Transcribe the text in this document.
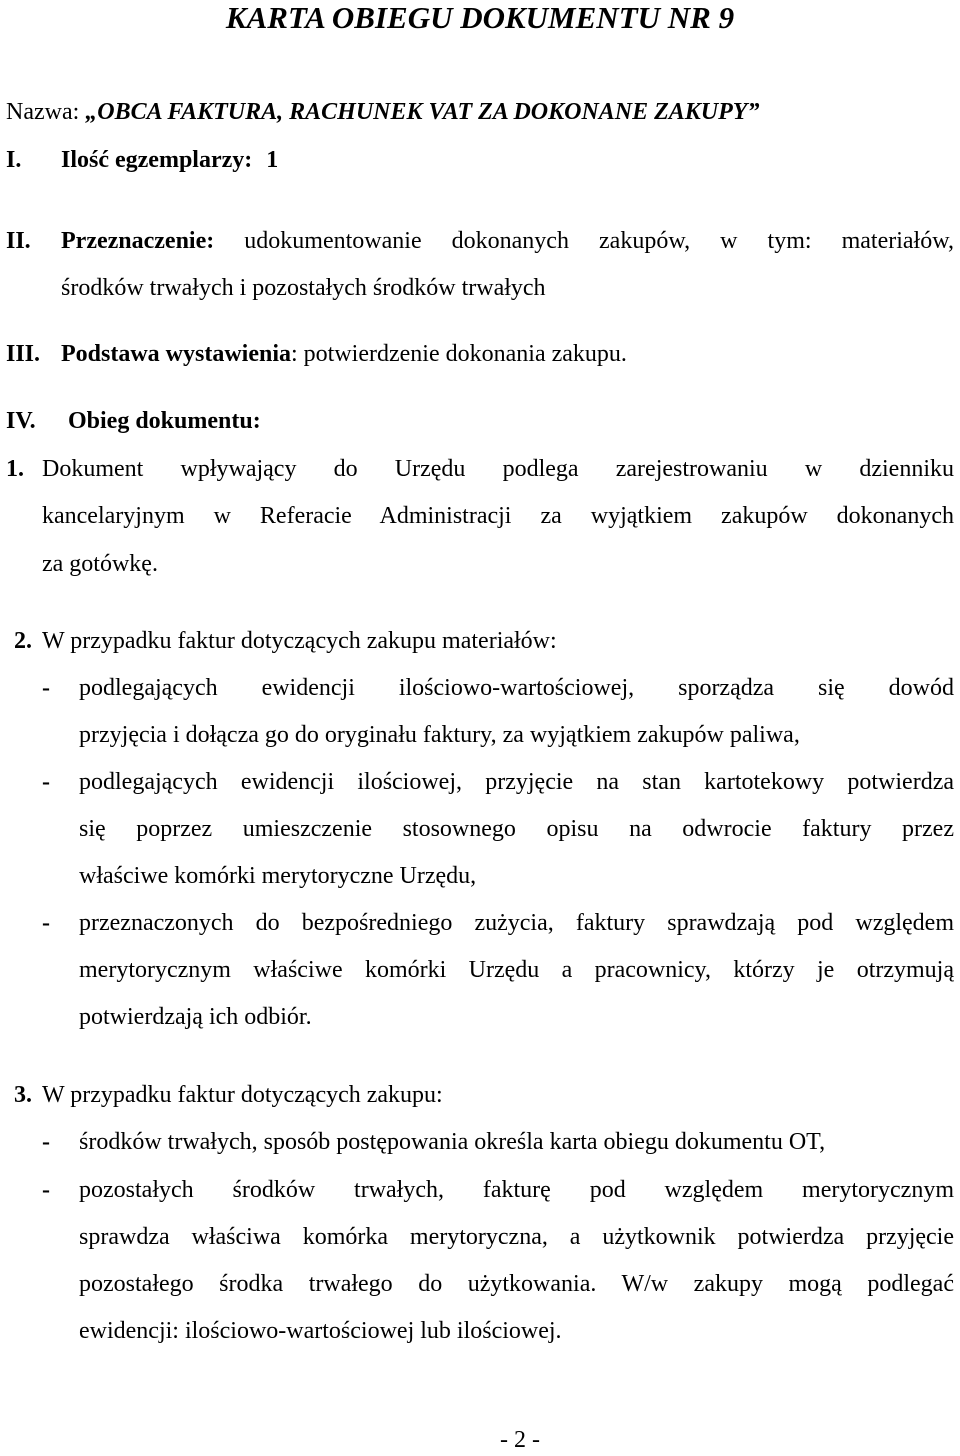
KARTA OBIEGU DOKUMENTU NR 9
Nazwa: „OBCA FAKTURA, RACHUNEK VAT ZA DOKONANE ZAKUPY”
I. Ilość egzemplarzy: 1
II. Przeznaczenie: udokumentowanie dokonanych zakupów, w tym: materiałów,
środków trwałych i pozostałych środków trwałych
III. Podstawa wystawienia: potwierdzenie dokonania zakupu.
IV. Obieg dokumentu:
1. Dokument wpływający do Urzędu podlega zarejestrowaniu w dzienniku
kancelaryjnym w Referacie Administracji za wyjątkiem zakupów dokonanych
za gotówkę.
2. W przypadku faktur dotyczących zakupu materiałów:
- podlegających ewidencji ilościowo-wartościowej, sporządza się dowód
przyjęcia i dołącza go do oryginału faktury, za wyjątkiem zakupów paliwa,
- podlegających ewidencji ilościowej, przyjęcie na stan kartotekowy potwierdza
się poprzez umieszczenie stosownego opisu na odwrocie faktury przez
właściwe komórki merytoryczne Urzędu,
- przeznaczonych do bezpośredniego zużycia, faktury sprawdzają pod względem
merytorycznym właściwe komórki Urzędu a pracownicy, którzy je otrzymują
potwierdzają ich odbiór.
3. W przypadku faktur dotyczących zakupu:
- środków trwałych, sposób postępowania określa karta obiegu dokumentu OT,
- pozostałych środków trwałych, fakturę pod względem merytorycznym
sprawdza właściwa komórka merytoryczna, a użytkownik potwierdza przyjęcie
pozostałego środka trwałego do użytkowania. W/w zakupy mogą podlegać
ewidencji: ilościowo-wartościowej lub ilościowej.
- 2 -
